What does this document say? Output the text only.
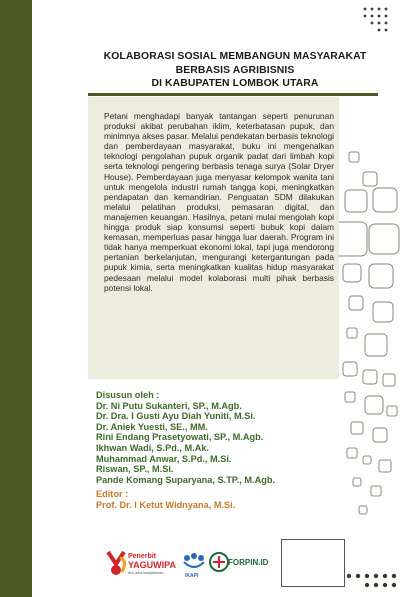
KOLABORASI SOSIAL MEMBANGUN MASYARAKAT
BERBASIS AGRIBISNIS
DI KABUPATEN LOMBOK UTARA
Petani menghadapi banyak tantangan seperti penurunan produksi akibat perubahan iklim, keterbatasan pupuk, dan minimnya akses pasar. Melalui pendekatan berbasis teknologi dan pemberdayaan masyarakat, buku ini mengenalkan teknologi pengolahan pupuk organik padat dari limbah kopi serta teknologi pengering berbasis tenaga surya (Solar Dryer House). Pemberdayaan juga menyasar kelompok wanita tani untuk mengelola industri rumah tangga kopi, meningkatkan pendapatan dan kemandirian. Penguatan SDM dilakukan melalui pelatihan produksi, pemasaran digital, dan manajemen keuangan. Hasilnya, petani mulai mengolah kopi hingga produk siap konsumsi seperti bubuk kopi dalam kemasan, memperluas pasar hingga luar daerah. Program ini tidak hanya memperkuat ekonomi lokal, tapi juga mendorong pertanian berkelanjutan, mengurangi ketergantungan pada pupuk kimia, serta meningkatkan kualitas hidup masyarakat pedesaan melalui model kolaborasi multi pihak berbasis potensi lokal.
Disusun oleh :
Dr. Ni Putu Sukanteri, SP., M.Agb.
Dr. Dra. I Gusti Ayu Diah Yuniti, M.Si.
Dr. Aniek Yuesti, SE., MM.
Rini Endang Prasetyowati, SP., M.Agb.
Ikhwan Wadi, S.Pd., M.Ak.
Muhammad Anwar, S.Pd., M.Si.
Riswan, SP., M.Si.
Pande Komang Suparyana, S.TP., M.Agb.
Editor :
Prof. Dr. I Ketut Widnyana, M.Si.
Penerbit
YAGUWIPA
ilmu untuk kesejahteraan	IKAPI
FORPIN.ID
